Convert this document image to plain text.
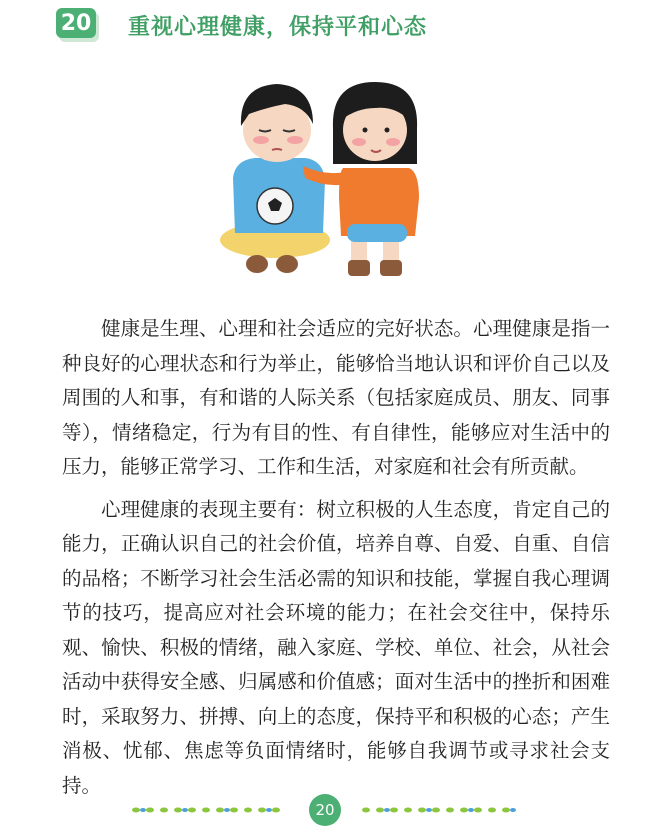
20 重视心理健康，保持平和心态

健康是生理、心理和社会适应的完好状态。心理健康是指一种良好的心理状态和行为举止，能够恰当地认识和评价自己以及周围的人和事，有和谐的人际关系（包括家庭成员、朋友、同事等），情绪稳定，行为有目的性、有自律性，能够应对生活中的压力，能够正常学习、工作和生活，对家庭和社会有所贡献。

心理健康的表现主要有：树立积极的人生态度，肯定自己的能力，正确认识自己的社会价值，培养自尊、自爱、自重、自信的品格；不断学习社会生活必需的知识和技能，掌握自我心理调节的技巧，提高应对社会环境的能力；在社会交往中，保持乐观、愉快、积极的情绪，融入家庭、学校、单位、社会，从社会活动中获得安全感、归属感和价值感；面对生活中的挫折和困难时，采取努力、拼搏、向上的态度，保持平和积极的心态；产生消极、忧郁、焦虑等负面情绪时，能够自我调节或寻求社会支持。

20
